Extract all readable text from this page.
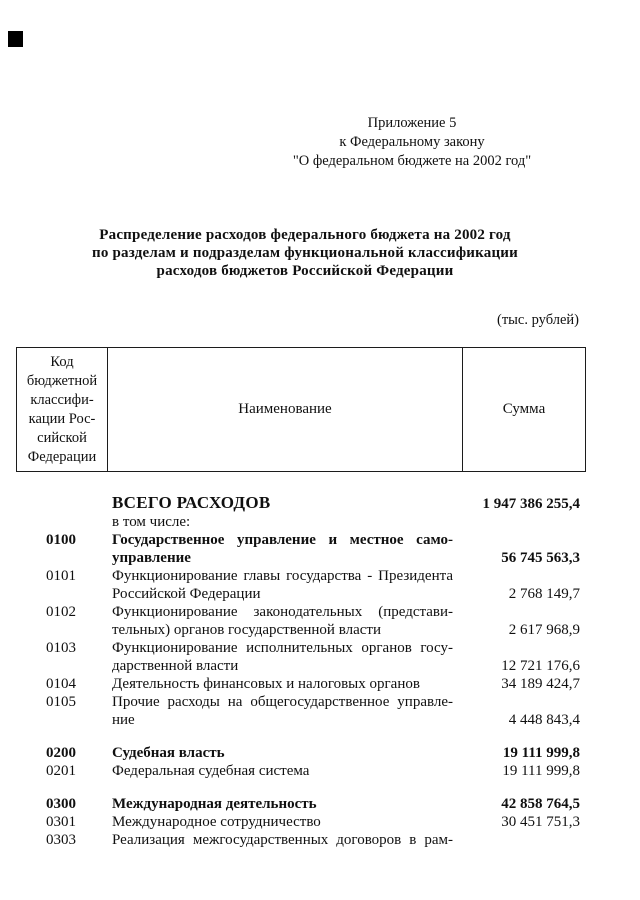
Приложение 5
к Федеральному закону
"О федеральном бюджете на 2002 год"
Распределение расходов федерального бюджета на 2002 год
по разделам и подразделам функциональной классификации
расходов бюджетов Российской Федерации
(тыс. рублей)
Код
бюджетной
классифи-
кации Рос-
сийской
Федерации
Наименование	Сумма
ВСЕГО РАСХОДОВ	1 947 386 255,4
в том числе:
0100	Государственное управление и местное само-
управление	56 745 563,3
0101	Функционирование главы государства - Президента
Российской Федерации	2 768 149,7
0102	Функционирование законодательных (представи-
тельных) органов государственной власти	2 617 968,9
0103	Функционирование исполнительных органов госу-
дарственной власти	12 721 176,6
0104	Деятельность финансовых и налоговых органов	34 189 424,7
0105	Прочие расходы на общегосударственное управле-
ние	4 448 843,4
0200	Судебная власть	19 111 999,8
0201	Федеральная судебная система	19 111 999,8
0300	Международная деятельность	42 858 764,5
0301	Международное сотрудничество	30 451 751,3
0303	Реализация межгосударственных договоров в рам-
